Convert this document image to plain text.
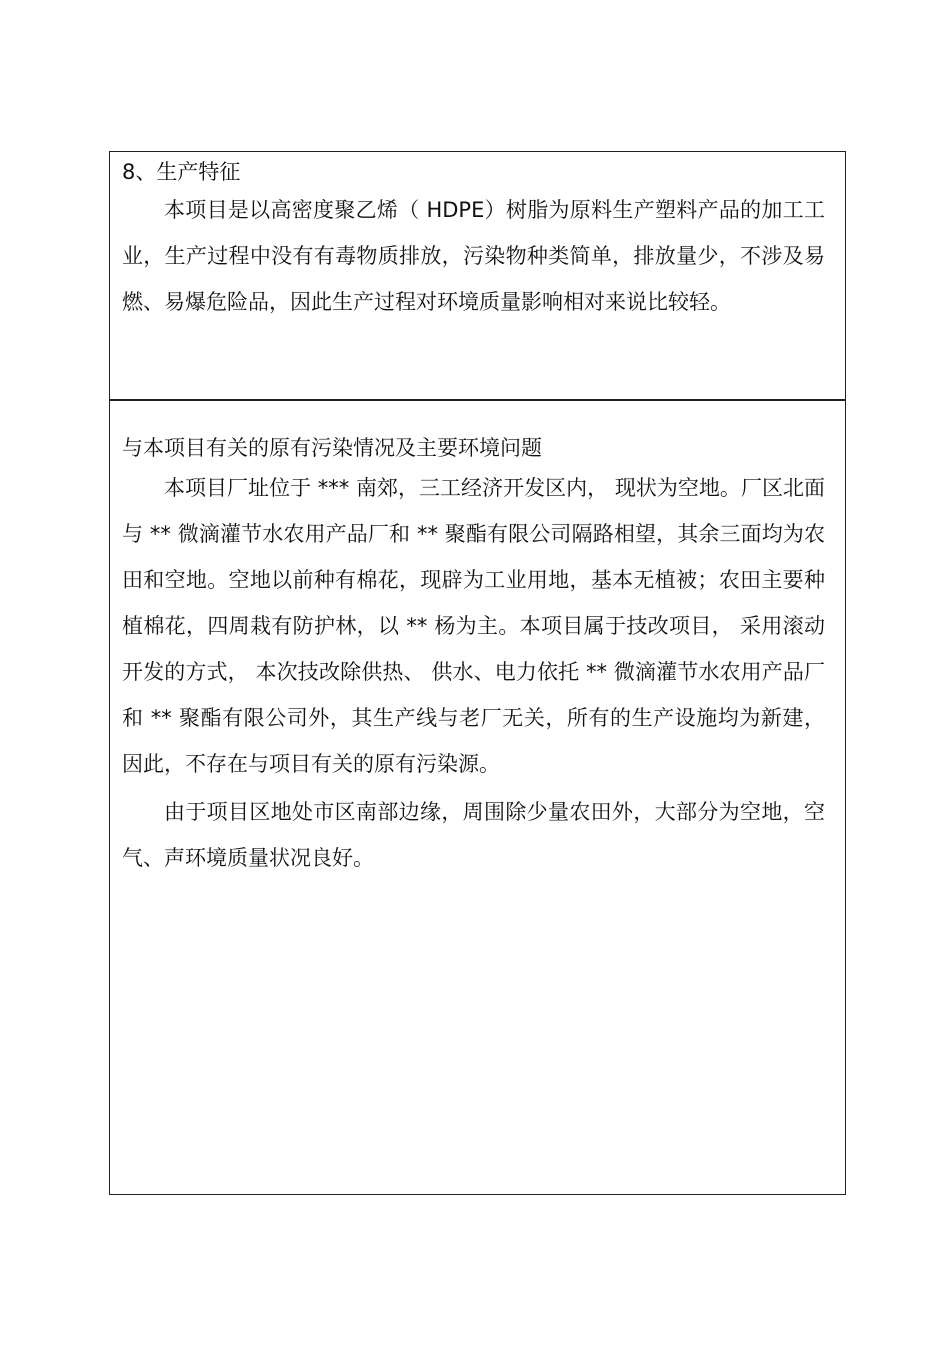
8、生产特征

本项目是以高密度聚乙烯（ HDPE）树脂为原料生产塑料产品的加工工业，生产过程中没有有毒物质排放，污染物种类简单，排放量少，不涉及易燃、易爆危险品，因此生产过程对环境质量影响相对来说比较轻。

与本项目有关的原有污染情况及主要环境问题

本项目厂址位于 *** 南郊，三工经济开发区内， 现状为空地。厂区北面与 ** 微滴灌节水农用产品厂和 ** 聚酯有限公司隔路相望，其余三面均为农田和空地。空地以前种有棉花，现辟为工业用地，基本无植被；农田主要种植棉花，四周栽有防护林，以 ** 杨为主。本项目属于技改项目， 采用滚动开发的方式， 本次技改除供热、 供水、电力依托 ** 微滴灌节水农用产品厂和 ** 聚酯有限公司外，其生产线与老厂无关，所有的生产设施均为新建，因此，不存在与项目有关的原有污染源。

由于项目区地处市区南部边缘，周围除少量农田外，大部分为空地，空气、声环境质量状况良好。
